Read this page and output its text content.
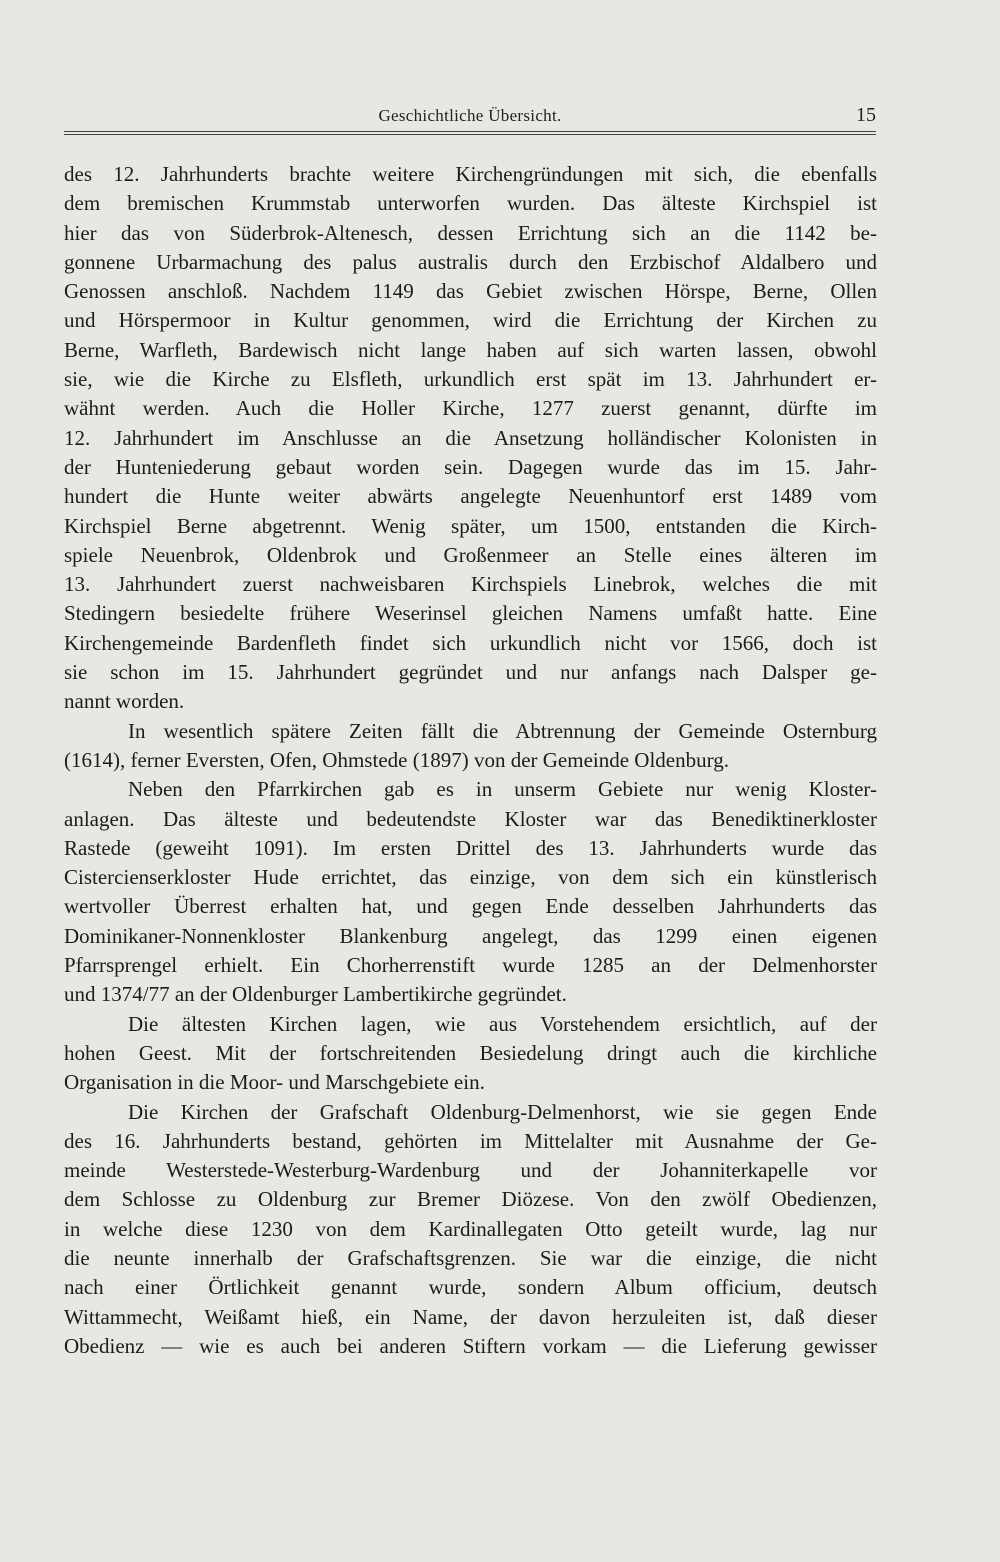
Geschichtliche Übersicht.	15
des 12. Jahrhunderts brachte weitere Kirchengründungen mit sich, die ebenfalls
dem bremischen Krummstab unterworfen wurden. Das älteste Kirchspiel ist
hier das von Süderbrok-Altenesch, dessen Errichtung sich an die 1142 be-
gonnene Urbarmachung des palus australis durch den Erzbischof Aldalbero und
Genossen anschloß. Nachdem 1149 das Gebiet zwischen Hörspe, Berne, Ollen
und Hörspermoor in Kultur genommen, wird die Errichtung der Kirchen zu
Berne, Warfleth, Bardewisch nicht lange haben auf sich warten lassen, obwohl
sie, wie die Kirche zu Elsfleth, urkundlich erst spät im 13. Jahrhundert er-
wähnt werden. Auch die Holler Kirche, 1277 zuerst genannt, dürfte im
12. Jahrhundert im Anschlusse an die Ansetzung holländischer Kolonisten in
der Hunteniederung gebaut worden sein. Dagegen wurde das im 15. Jahr-
hundert die Hunte weiter abwärts angelegte Neuenhuntorf erst 1489 vom
Kirchspiel Berne abgetrennt. Wenig später, um 1500, entstanden die Kirch-
spiele Neuenbrok, Oldenbrok und Großenmeer an Stelle eines älteren im
13. Jahrhundert zuerst nachweisbaren Kirchspiels Linebrok, welches die mit
Stedingern besiedelte frühere Weserinsel gleichen Namens umfaßt hatte. Eine
Kirchengemeinde Bardenfleth findet sich urkundlich nicht vor 1566, doch ist
sie schon im 15. Jahrhundert gegründet und nur anfangs nach Dalsper ge-
nannt worden.
In wesentlich spätere Zeiten fällt die Abtrennung der Gemeinde Osternburg
(1614), ferner Eversten, Ofen, Ohmstede (1897) von der Gemeinde Oldenburg.
Neben den Pfarrkirchen gab es in unserm Gebiete nur wenig Kloster-
anlagen. Das älteste und bedeutendste Kloster war das Benediktinerkloster
Rastede (geweiht 1091). Im ersten Drittel des 13. Jahrhunderts wurde das
Cistercienserkloster Hude errichtet, das einzige, von dem sich ein künstlerisch
wertvoller Überrest erhalten hat, und gegen Ende desselben Jahrhunderts das
Dominikaner-Nonnenkloster Blankenburg angelegt, das 1299 einen eigenen
Pfarrsprengel erhielt. Ein Chorherrenstift wurde 1285 an der Delmenhorster
und 1374/77 an der Oldenburger Lambertikirche gegründet.
Die ältesten Kirchen lagen, wie aus Vorstehendem ersichtlich, auf der
hohen Geest. Mit der fortschreitenden Besiedelung dringt auch die kirchliche
Organisation in die Moor- und Marschgebiete ein.
Die Kirchen der Grafschaft Oldenburg-Delmenhorst, wie sie gegen Ende
des 16. Jahrhunderts bestand, gehörten im Mittelalter mit Ausnahme der Ge-
meinde Westerstede-Westerburg-Wardenburg und der Johanniterkapelle vor
dem Schlosse zu Oldenburg zur Bremer Diözese. Von den zwölf Obedienzen,
in welche diese 1230 von dem Kardinallegaten Otto geteilt wurde, lag nur
die neunte innerhalb der Grafschaftsgrenzen. Sie war die einzige, die nicht
nach einer Örtlichkeit genannt wurde, sondern Album officium, deutsch
Wittammecht, Weißamt hieß, ein Name, der davon herzuleiten ist, daß dieser
Obedienz — wie es auch bei anderen Stiftern vorkam — die Lieferung gewisser
